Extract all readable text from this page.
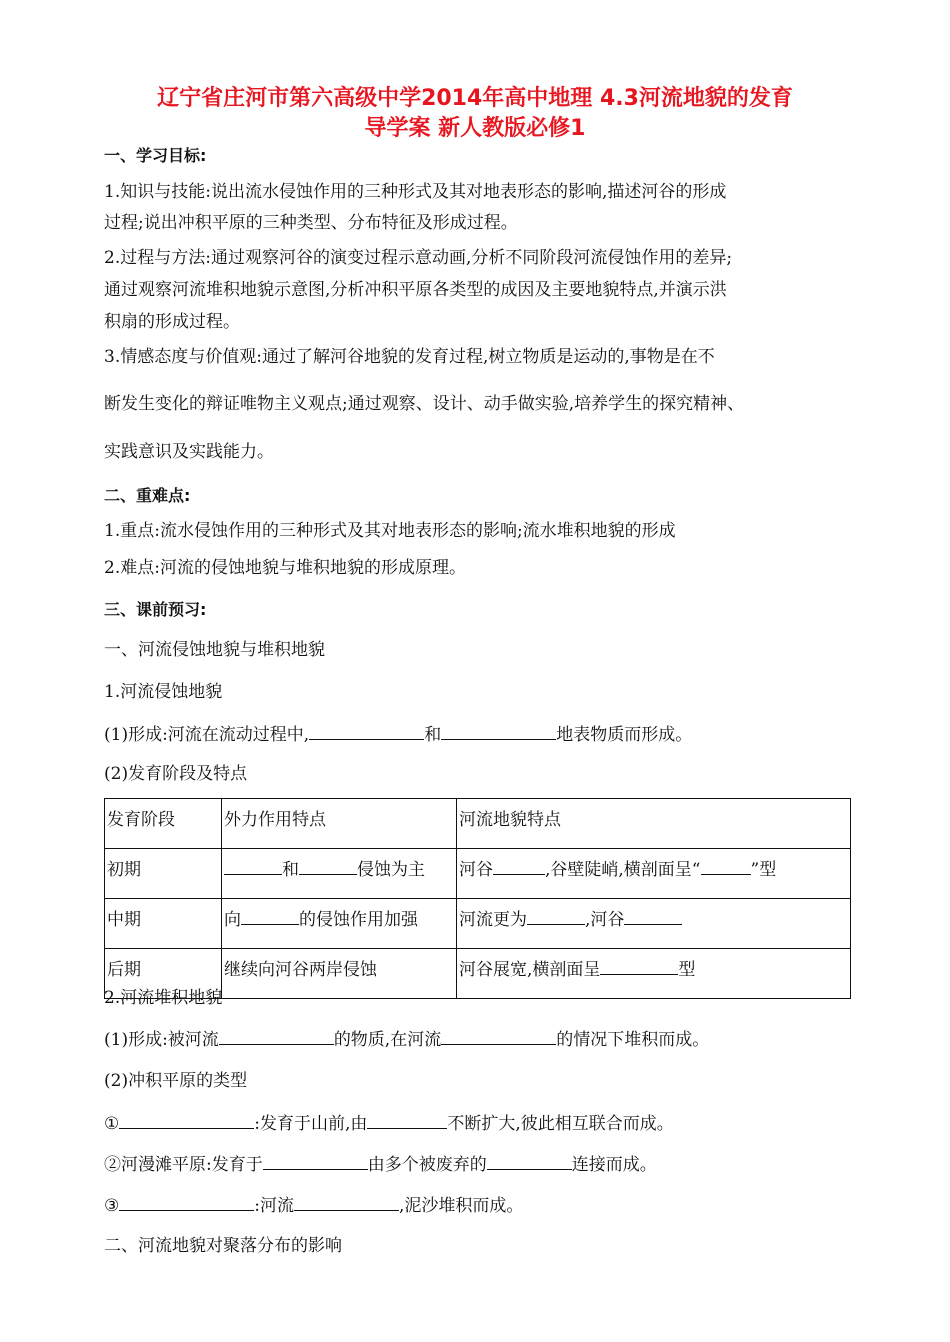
辽宁省庄河市第六高级中学2014年高中地理 4.3河流地貌的发育
导学案 新人教版必修1
一、学习目标:
1.知识与技能:说出流水侵蚀作用的三种形式及其对地表形态的影响,描述河谷的形成
过程;说出冲积平原的三种类型、分布特征及形成过程。
2.过程与方法:通过观察河谷的演变过程示意动画,分析不同阶段河流侵蚀作用的差异;
通过观察河流堆积地貌示意图,分析冲积平原各类型的成因及主要地貌特点,并演示洪
积扇的形成过程。
3.情感态度与价值观:通过了解河谷地貌的发育过程,树立物质是运动的,事物是在不
断发生变化的辩证唯物主义观点;通过观察、设计、动手做实验,培养学生的探究精神、
实践意识及实践能力。
二、重难点:
1.重点:流水侵蚀作用的三种形式及其对地表形态的影响;流水堆积地貌的形成
2.难点:河流的侵蚀地貌与堆积地貌的形成原理。
三、课前预习:
一、河流侵蚀地貌与堆积地貌
1.河流侵蚀地貌
(1)形成:河流在流动过程中,	和	地表物质而形成。
(2)发育阶段及特点
发育阶段	外力作用特点	河流地貌特点
初期	和 侵蚀为主	河谷 ,谷壁陡峭,横剖面呈“ ”型
中期	向 的侵蚀作用加强	河流更为 ,河谷
后期	继续向河谷两岸侵蚀	河谷展宽,横剖面呈 型
2.河流堆积地貌
(1)形成:被河流	的物质,在河流	的情况下堆积而成。
(2)冲积平原的类型
①	:发育于山前,由	不断扩大,彼此相互联合而成。
②河漫滩平原:发育于	由多个被废弃的	连接而成。
③	:河流	,泥沙堆积而成。
二、河流地貌对聚落分布的影响
